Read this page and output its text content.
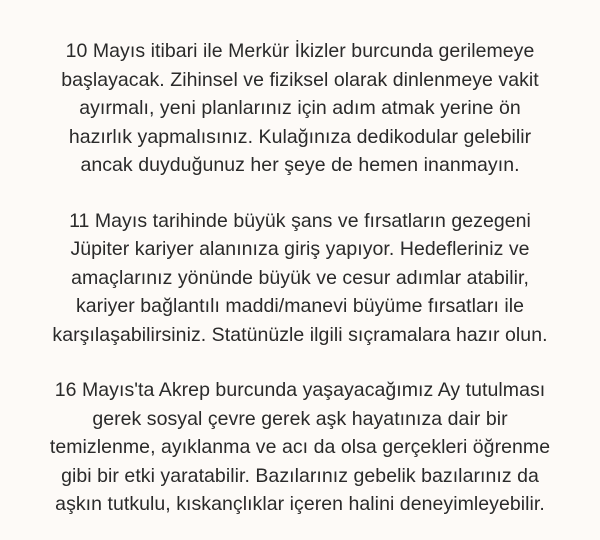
10 Mayıs itibari ile Merkür İkizler burcunda gerilemeye
başlayacak. Zihinsel ve fiziksel olarak dinlenmeye vakit
ayırmalı, yeni planlarınız için adım atmak yerine ön
hazırlık yapmalısınız. Kulağınıza dedikodular gelebilir
ancak duyduğunuz her şeye de hemen inanmayın.

11 Mayıs tarihinde büyük şans ve fırsatların gezegeni
Jüpiter kariyer alanınıza giriş yapıyor. Hedefleriniz ve
amaçlarınız yönünde büyük ve cesur adımlar atabilir,
kariyer bağlantılı maddi/manevi büyüme fırsatları ile
karşılaşabilirsiniz. Statünüzle ilgili sıçramalara hazır olun.

16 Mayıs'ta Akrep burcunda yaşayacağımız Ay tutulması
gerek sosyal çevre gerek aşk hayatınıza dair bir
temizlenme, ayıklanma ve acı da olsa gerçekleri öğrenme
gibi bir etki yaratabilir. Bazılarınız gebelik bazılarınız da
aşkın tutkulu, kıskançlıklar içeren halini deneyimleyebilir.
